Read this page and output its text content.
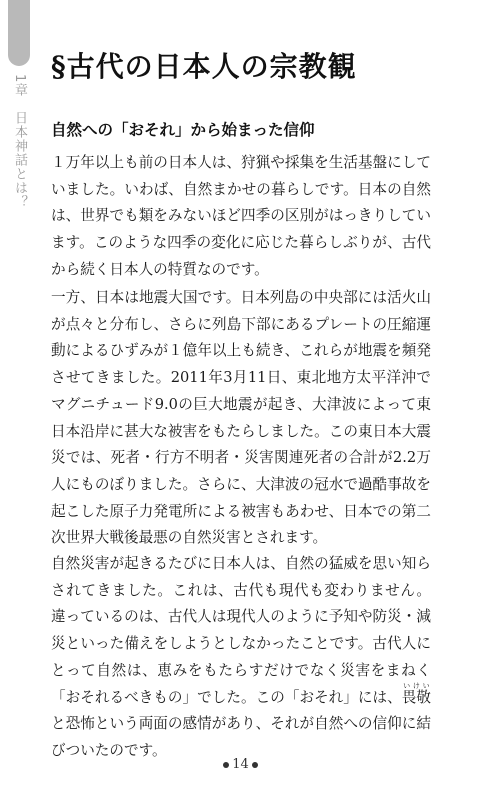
1章　日本神話とは？
§古代の日本人の宗教観
自然への「おそれ」から始まった信仰

１万年以上も前の日本人は、狩猟や採集を生活基盤にしていました。いわば、自然まかせの暮らしです。日本の自然は、世界でも類をみないほど四季の区別がはっきりしています。このような四季の変化に応じた暮らしぶりが、古代から続く日本人の特質なのです。

一方、日本は地震大国です。日本列島の中央部には活火山が点々と分布し、さらに列島下部にあるプレートの圧縮運動によるひずみが１億年以上も続き、これらが地震を頻発させてきました。2011年3月11日、東北地方太平洋沖でマグニチュード9.0の巨大地震が起き、大津波によって東日本沿岸に甚大な被害をもたらしました。この東日本大震災では、死者・行方不明者・災害関連死者の合計が2.2万人にものぼりました。さらに、大津波の冠水で過酷事故を起こした原子力発電所による被害もあわせ、日本での第二次世界大戦後最悪の自然災害とされます。

自然災害が起きるたびに日本人は、自然の猛威を思い知らされてきました。これは、古代も現代も変わりません。違っているのは、古代人は現代人のように予知や防災・減災といった備えをしようとしなかったことです。古代人にとって自然は、恵みをもたらすだけでなく災害をまねく「おそれるべきもの」でした。この「おそれ」には、畏敬いけいと恐怖という両面の感情があり、それが自然への信仰に結びついたのです。

14
